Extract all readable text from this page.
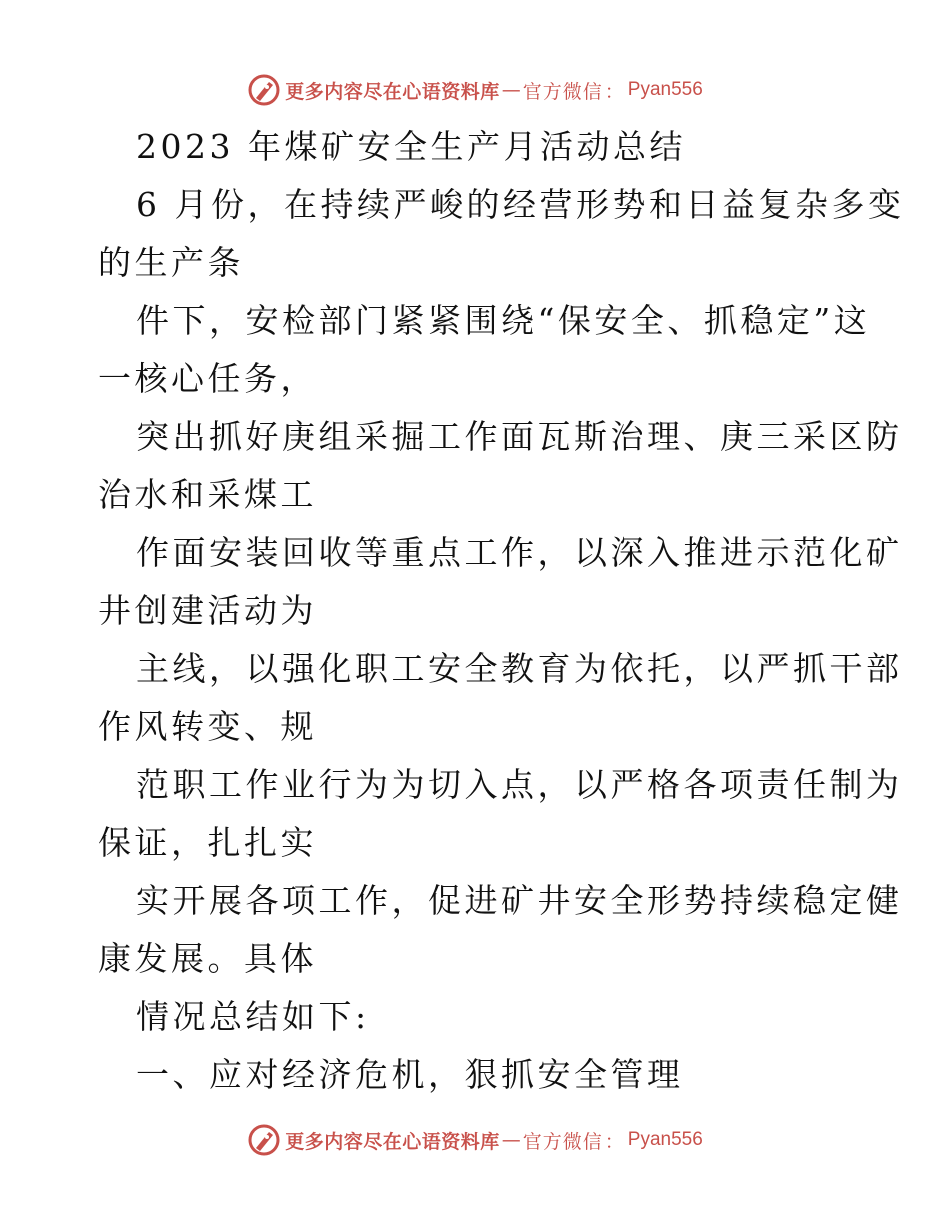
更多内容尽在心语资料库 — 官方微信 ： Pyan556
2023 年煤矿安全生产月活动总结
6 月份，在持续严峻的经营形势和日益复杂多变
的生产条
件下，安检部门紧紧围绕“保安全、抓稳定”这
一核心任务，
突出抓好庚组采掘工作面瓦斯治理、庚三采区防
治水和采煤工
作面安装回收等重点工作，以深入推进示范化矿
井创建活动为
主线，以强化职工安全教育为依托，以严抓干部
作风转变、规
范职工作业行为为切入点，以严格各项责任制为
保证，扎扎实
实开展各项工作，促进矿井安全形势持续稳定健
康发展。具体
情况总结如下:
一、应对经济危机，狠抓安全管理
更多内容尽在心语资料库 — 官方微信 ： Pyan556
